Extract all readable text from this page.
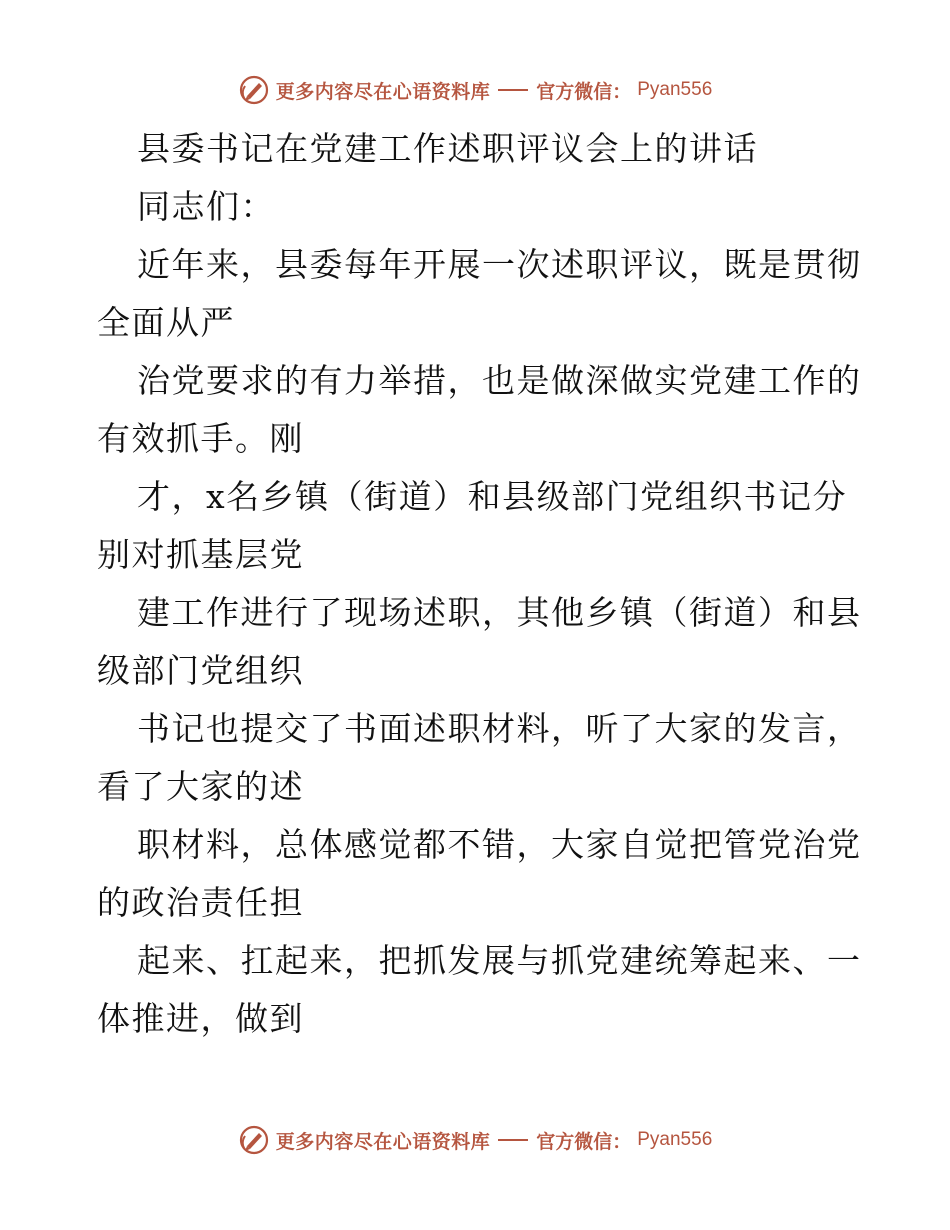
更多内容尽在心语资料库 官方微信： Pyan556
县委书记在党建工作述职评议会上的讲话
同志们：
近年来，县委每年开展一次述职评议，既是贯彻
全面从严
治党要求的有力举措，也是做深做实党建工作的
有效抓手。刚
才，x名乡镇（街道）和县级部门党组织书记分
别对抓基层党
建工作进行了现场述职，其他乡镇（街道）和县
级部门党组织
书记也提交了书面述职材料，听了大家的发言，
看了大家的述
职材料，总体感觉都不错，大家自觉把管党治党
的政治责任担
起来、扛起来，把抓发展与抓党建统筹起来、一
体推进，做到
更多内容尽在心语资料库 官方微信： Pyan556
